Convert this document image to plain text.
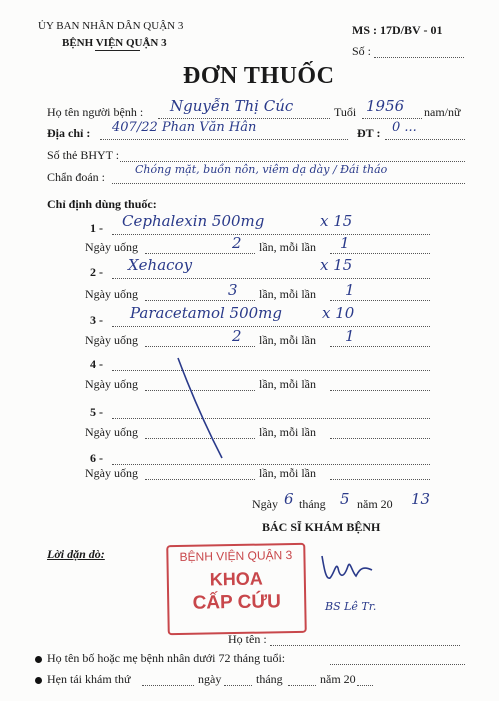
ỦY BAN NHÂN DÂN QUẬN 3
BỆNH VIỆN QUẬN 3
MS : 17D/BV - 01
Số :
ĐƠN THUỐC
Họ tên người bệnh : Nguyễn Thị Cúc	Tuổi 1956 nam/nữ
Địa chỉ : 407/22 Phan Văn Hân	ĐT : 0 ...
Số thẻ BHYT :
Chẩn đoán :
Chóng mặt, buồn nôn, viêm dạ dày / Đái tháo
Chỉ định dùng thuốc:
1 - Cephalexin 500mg	x 15
Ngày uống	2 lần, mỗi lần 1
2 - Xehacoy	x 15
Ngày uống	3 lần, mỗi lần 1
3 - Paracetamol 500mg	x 10
Ngày uống	2 lần, mỗi lần 1
4 -
Ngày uống	lần, mỗi lần
5 -
Ngày uống	lần, mỗi lần
6 -
Ngày uống	lần, mỗi lần
Ngày 6 tháng 5 năm 20 13
BÁC SĨ KHÁM BỆNH
Lời dặn dò:	BỆNH VIỆN QUẬN 3
KHOA
CẤP CỨU	BS Lê Tr.
Họ tên :
Họ tên bố hoặc mẹ bệnh nhân dưới 72 tháng tuổi:
Hẹn tái khám thứ	ngày	tháng	năm 20
